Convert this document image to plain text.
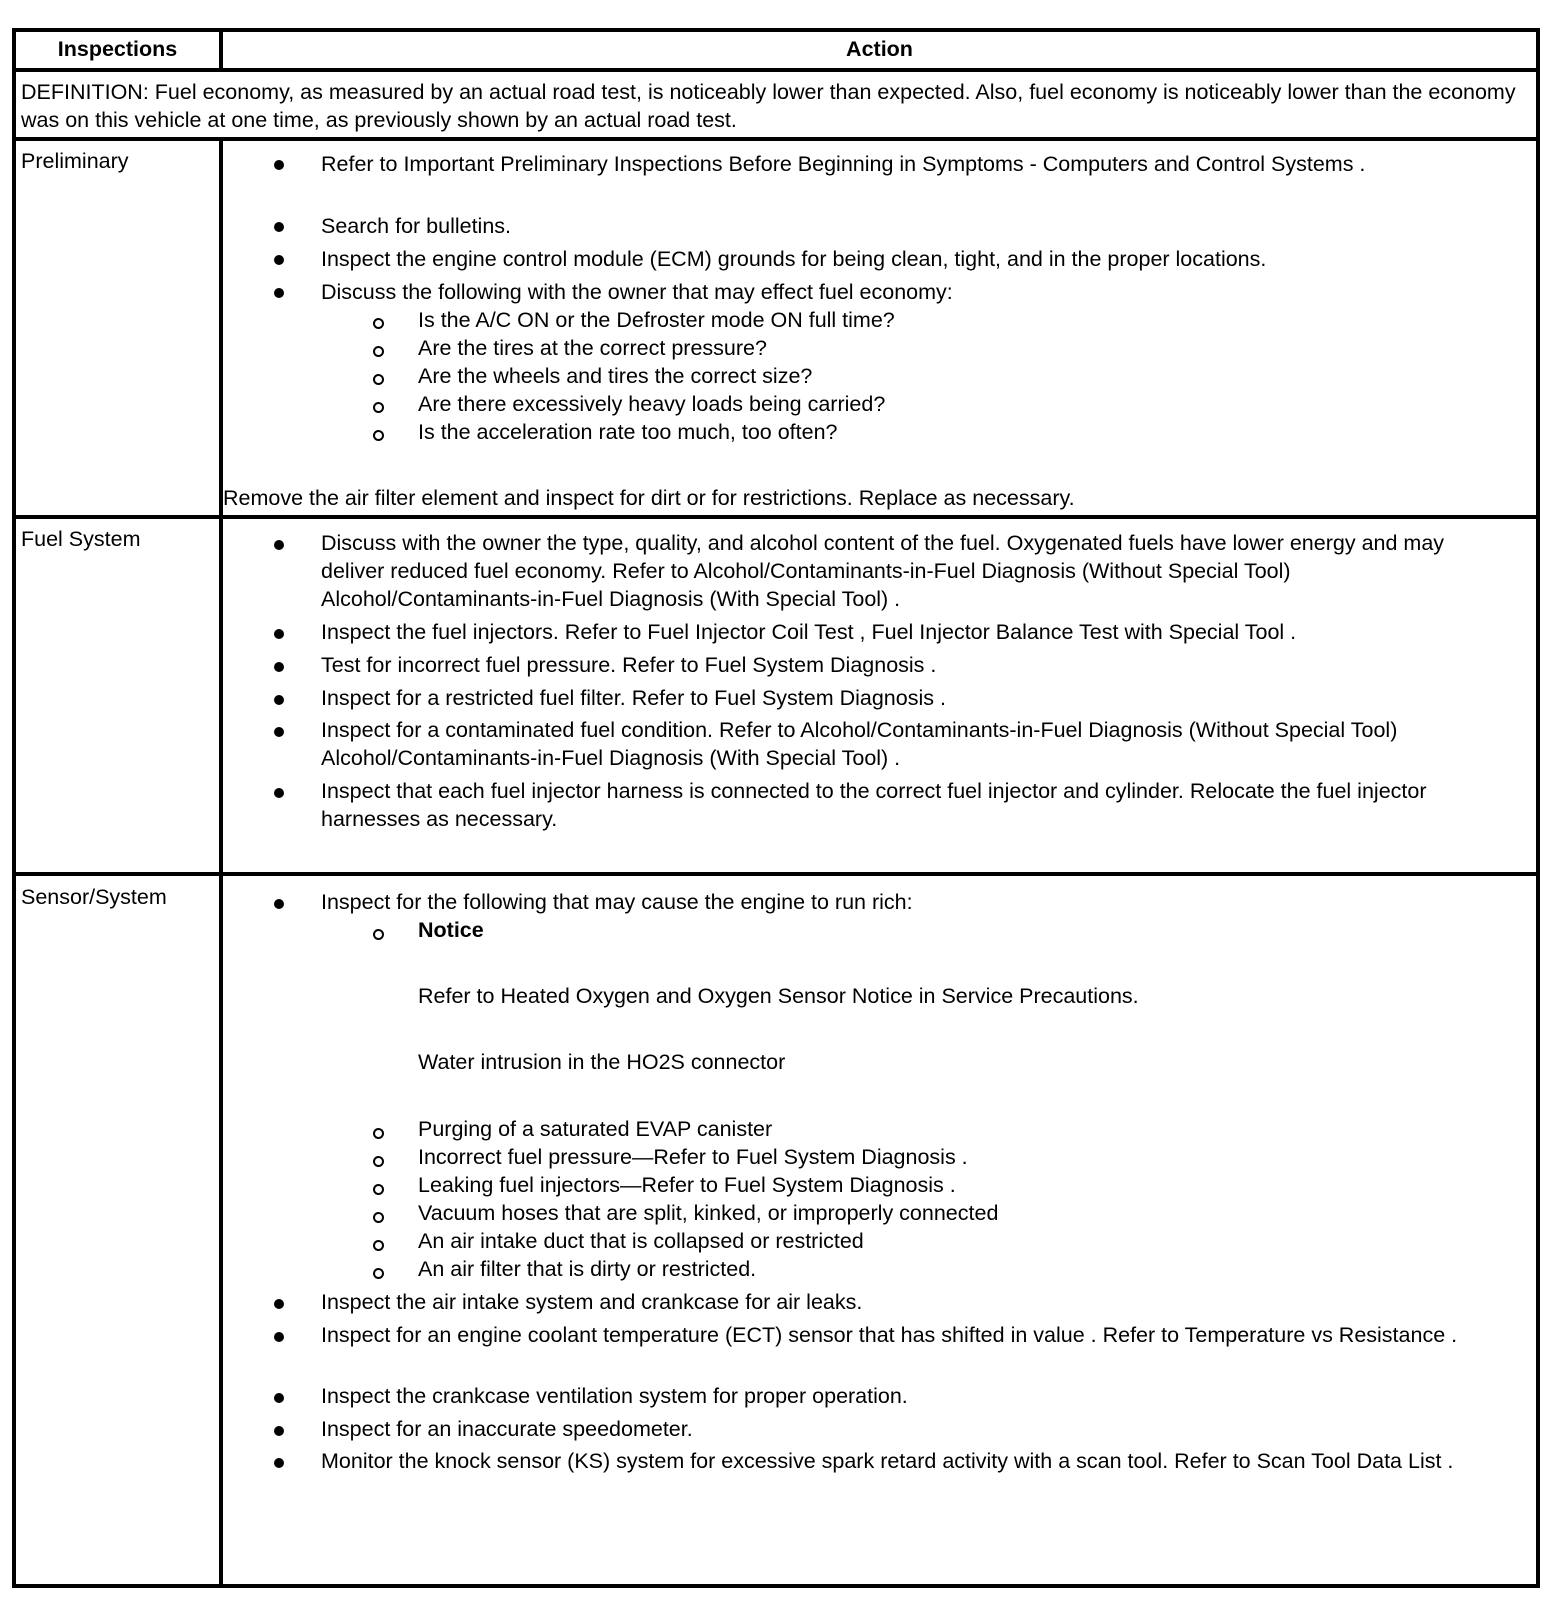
Inspections	Action
DEFINITION: Fuel economy, as measured by an actual road test, is noticeably lower than expected. Also, fuel economy is noticeably lower than the economy was on this vehicle at one time, as previously shown by an actual road test.
Preliminary	Refer to Important Preliminary Inspections Before Beginning in Symptoms - Computers and Control Systems .
Search for bulletins.
Inspect the engine control module (ECM) grounds for being clean, tight, and in the proper locations.
Discuss the following with the owner that may effect fuel economy:
Is the A/C ON or the Defroster mode ON full time?
Are the tires at the correct pressure?
Are the wheels and tires the correct size?
Are there excessively heavy loads being carried?
Is the acceleration rate too much, too often?
Remove the air filter element and inspect for dirt or for restrictions. Replace as necessary.
Fuel System	Discuss with the owner the type, quality, and alcohol content of the fuel. Oxygenated fuels have lower energy and may deliver reduced fuel economy. Refer to Alcohol/Contaminants-in-Fuel Diagnosis (Without Special Tool) Alcohol/Contaminants-in-Fuel Diagnosis (With Special Tool) .
Inspect the fuel injectors. Refer to Fuel Injector Coil Test , Fuel Injector Balance Test with Special Tool .
Test for incorrect fuel pressure. Refer to Fuel System Diagnosis .
Inspect for a restricted fuel filter. Refer to Fuel System Diagnosis .
Inspect for a contaminated fuel condition. Refer to Alcohol/Contaminants-in-Fuel Diagnosis (Without Special Tool) Alcohol/Contaminants-in-Fuel Diagnosis (With Special Tool) .
Inspect that each fuel injector harness is connected to the correct fuel injector and cylinder. Relocate the fuel injector harnesses as necessary.
Sensor/System	Inspect for the following that may cause the engine to run rich:
Notice
Refer to Heated Oxygen and Oxygen Sensor Notice in Service Precautions.
Water intrusion in the HO2S connector
Purging of a saturated EVAP canister
Incorrect fuel pressure—Refer to Fuel System Diagnosis .
Leaking fuel injectors—Refer to Fuel System Diagnosis .
Vacuum hoses that are split, kinked, or improperly connected
An air intake duct that is collapsed or restricted
An air filter that is dirty or restricted.
Inspect the air intake system and crankcase for air leaks.
Inspect for an engine coolant temperature (ECT) sensor that has shifted in value . Refer to Temperature vs Resistance .
Inspect the crankcase ventilation system for proper operation.
Inspect for an inaccurate speedometer.
Monitor the knock sensor (KS) system for excessive spark retard activity with a scan tool. Refer to Scan Tool Data List .
